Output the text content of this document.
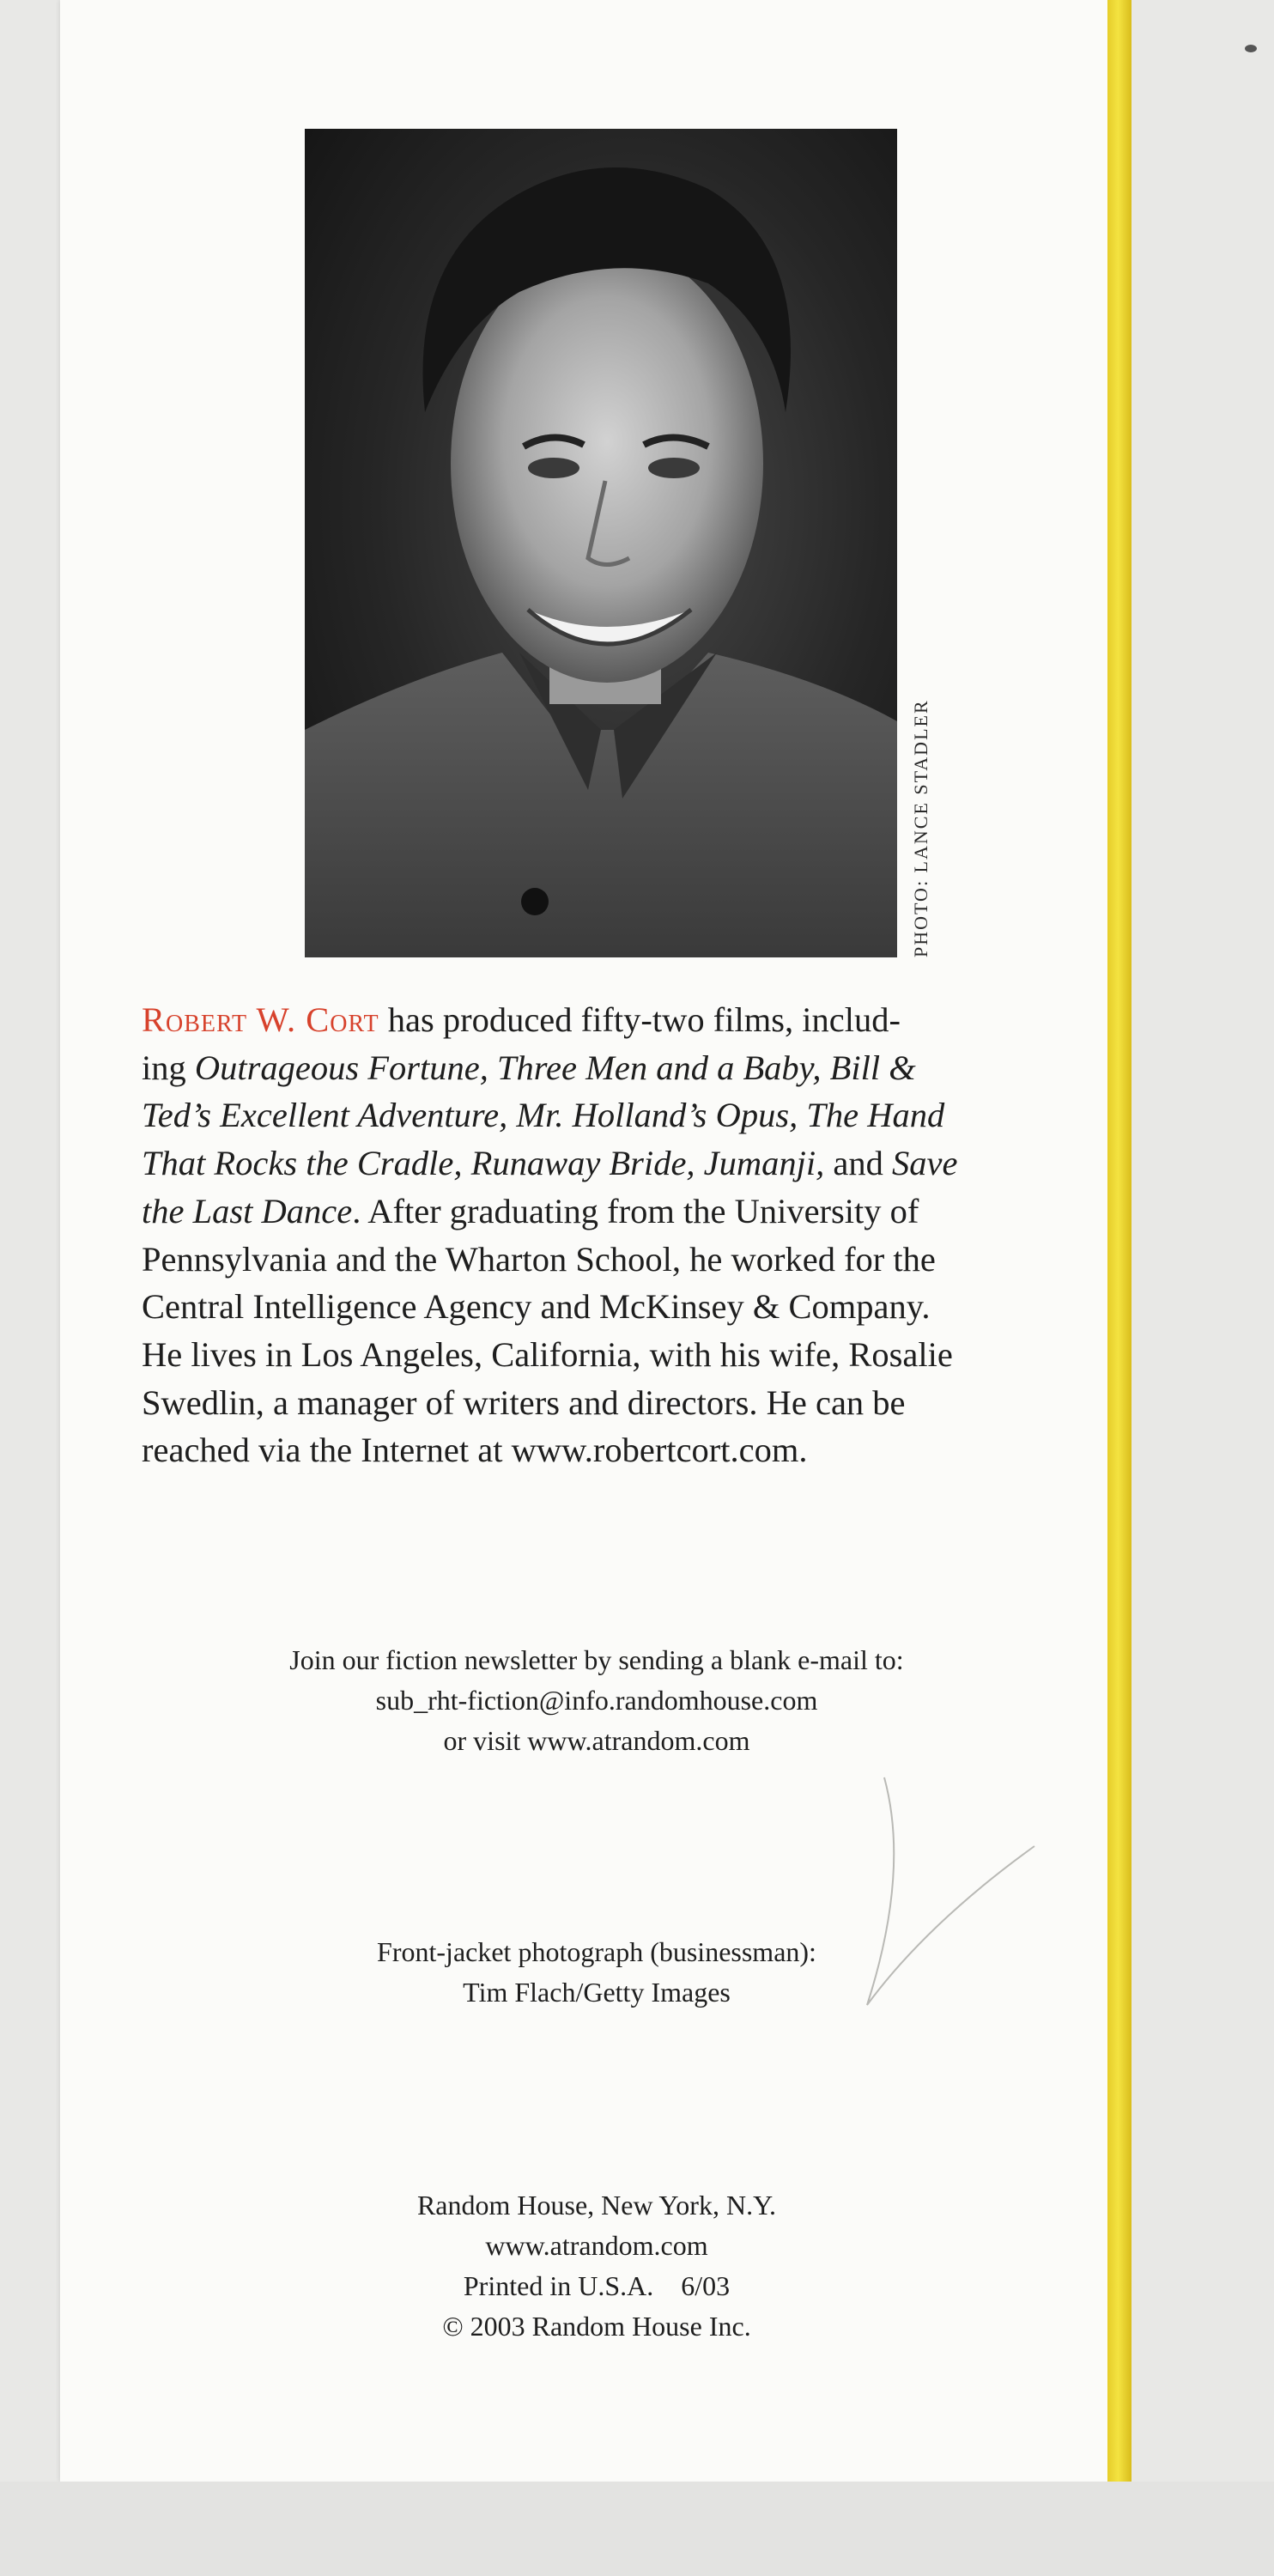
PHOTO: LANCE STADLER
Robert W. Cort has produced fifty-two films, includ-
ing Outrageous Fortune, Three Men and a Baby, Bill &
Ted’s Excellent Adventure, Mr. Holland’s Opus, The Hand
That Rocks the Cradle, Runaway Bride, Jumanji, and Save
the Last Dance. After graduating from the University of
Pennsylvania and the Wharton School, he worked for the
Central Intelligence Agency and McKinsey & Company.
He lives in Los Angeles, California, with his wife, Rosalie
Swedlin, a manager of writers and directors. He can be
reached via the Internet at www.robertcort.com.
Join our fiction newsletter by sending a blank e-mail to:
sub_rht-fiction@info.randomhouse.com
or visit www.atrandom.com
Front-jacket photograph (businessman):
Tim Flach/Getty Images
Random House, New York, N.Y.
www.atrandom.com
Printed in U.S.A. 6/03
© 2003 Random House Inc.
